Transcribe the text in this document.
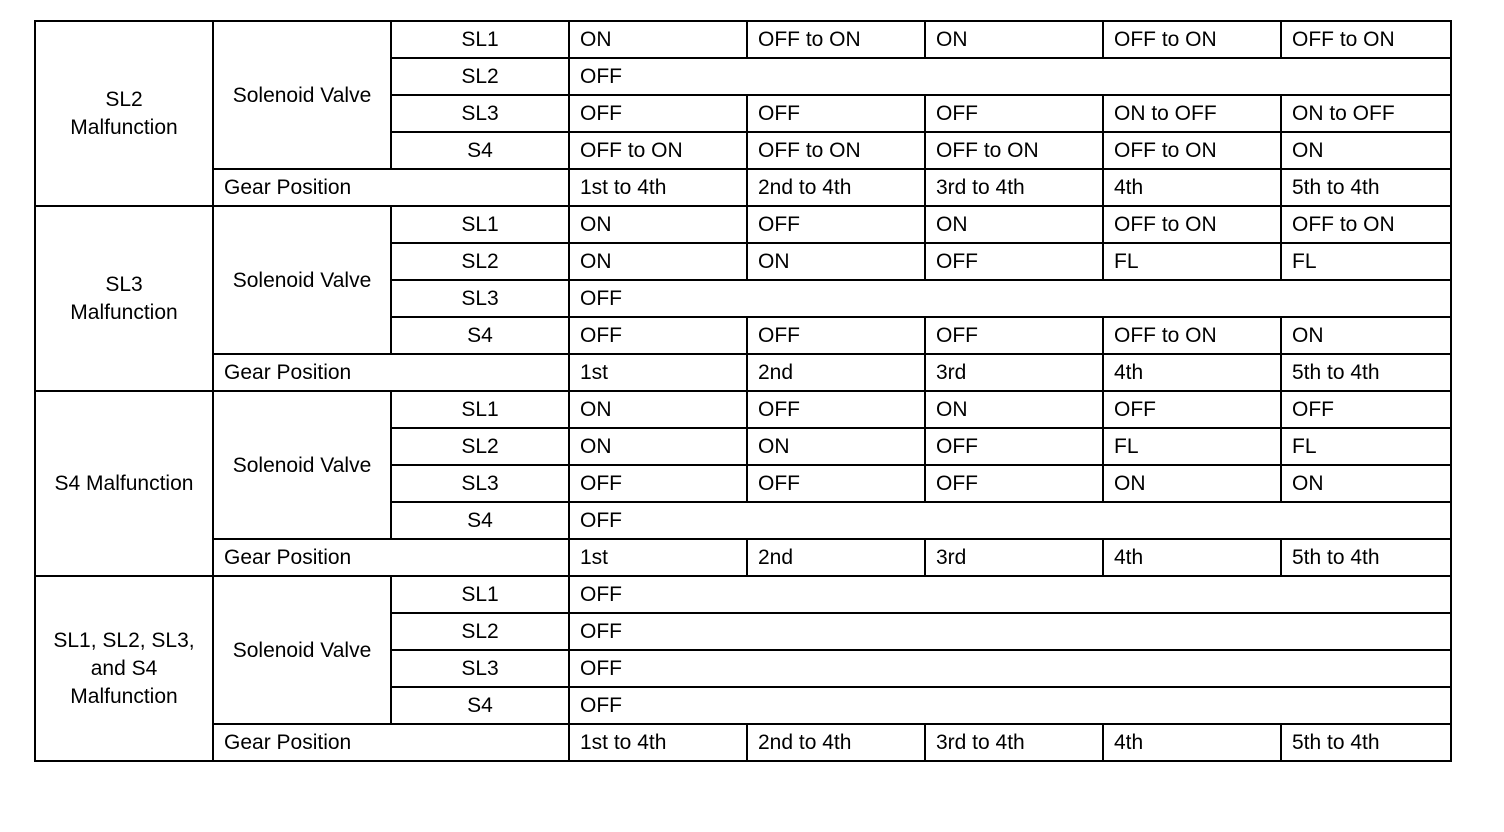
SL2
Malfunction	Solenoid Valve	SL1	ON	OFF to ON	ON	OFF to ON	OFF to ON
		SL2	OFF				
		SL3	OFF	OFF	OFF	ON to OFF	ON to OFF
		S4	OFF to ON	OFF to ON	OFF to ON	OFF to ON	ON
	Gear Position		1st to 4th	2nd to 4th	3rd to 4th	4th	5th to 4th
SL3
Malfunction	Solenoid Valve	SL1	ON	OFF	ON	OFF to ON	OFF to ON
		SL2	ON	ON	OFF	FL	FL
		SL3	OFF				
		S4	OFF	OFF	OFF	OFF to ON	ON
	Gear Position		1st	2nd	3rd	4th	5th to 4th
S4 Malfunction	Solenoid Valve	SL1	ON	OFF	ON	OFF	OFF
		SL2	ON	ON	OFF	FL	FL
		SL3	OFF	OFF	OFF	ON	ON
		S4	OFF				
	Gear Position		1st	2nd	3rd	4th	5th to 4th
SL1, SL2, SL3,
and S4
Malfunction	Solenoid Valve	SL1	OFF				
		SL2	OFF				
		SL3	OFF				
		S4	OFF				
	Gear Position		1st to 4th	2nd to 4th	3rd to 4th	4th	5th to 4th
